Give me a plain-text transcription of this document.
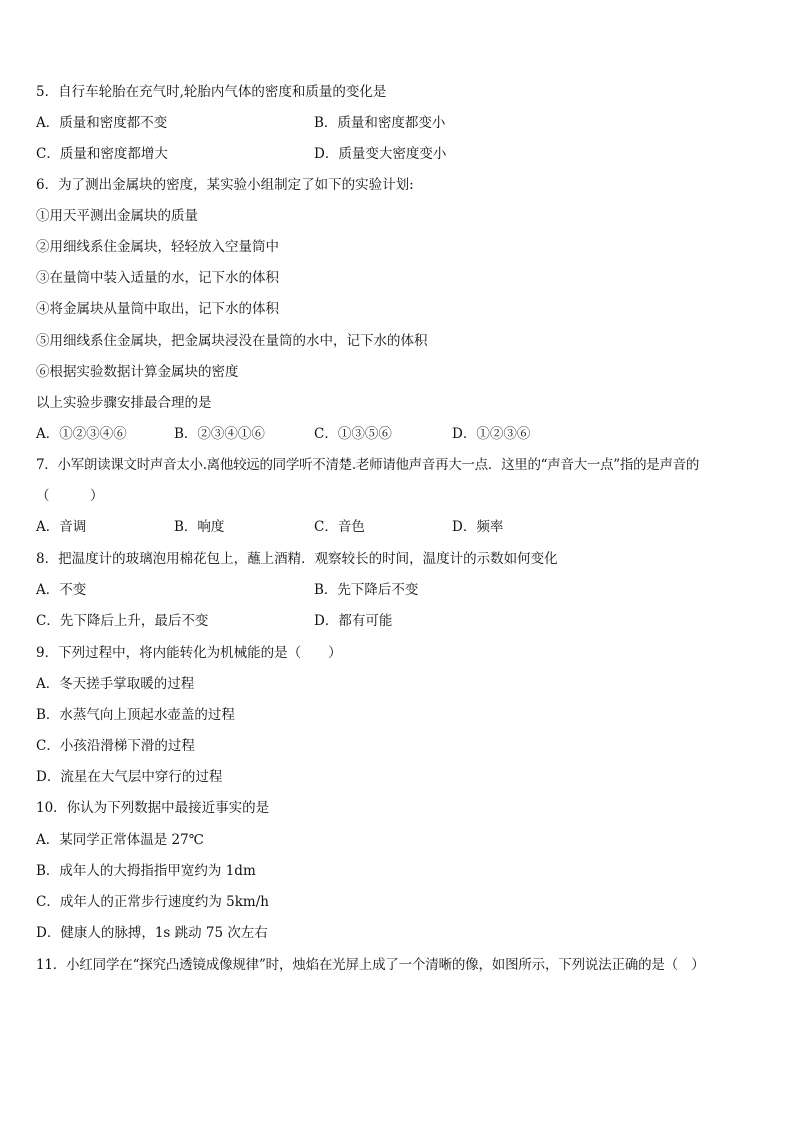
5．自行车轮胎在充气时,轮胎内气体的密度和质量的变化是
A．质量和密度都不变	B．质量和密度都变小
C．质量和密度都增大	D．质量变大密度变小
6．为了测出金属块的密度，某实验小组制定了如下的实验计划:
①用天平测出金属块的质量
②用细线系住金属块，轻轻放入空量筒中
③在量筒中装入适量的水，记下水的体积
④将金属块从量筒中取出，记下水的体积
⑤用细线系住金属块，把金属块浸没在量筒的水中，记下水的体积
⑥根据实验数据计算金属块的密度
以上实验步骤安排最合理的是
A．①②③④⑥	B．②③④①⑥	C．①③⑤⑥	D．①②③⑥
7．小军朗读课文时声音太小.离他较远的同学听不清楚.老师请他声音再大一点．这里的“声音大一点”指的是声音的
（　　　）
A．音调	B．响度	C．音色	D．频率
8．把温度计的玻璃泡用棉花包上，蘸上酒精．观察较长的时间，温度计的示数如何变化
A．不变	B．先下降后不变
C．先下降后上升，最后不变	D．都有可能
9．下列过程中，将内能转化为机械能的是（　　）
A．冬天搓手掌取暖的过程
B．水蒸气向上顶起水壶盖的过程
C．小孩沿滑梯下滑的过程
D．流星在大气层中穿行的过程
10．你认为下列数据中最接近事实的是
A．某同学正常体温是 27℃
B．成年人的大拇指指甲宽约为 1dm
C．成年人的正常步行速度约为 5km/h
D．健康人的脉搏，1s 跳动 75 次左右
11．小红同学在“探究凸透镜成像规律”时，烛焰在光屏上成了一个清晰的像，如图所示，下列说法正确的是（　）
